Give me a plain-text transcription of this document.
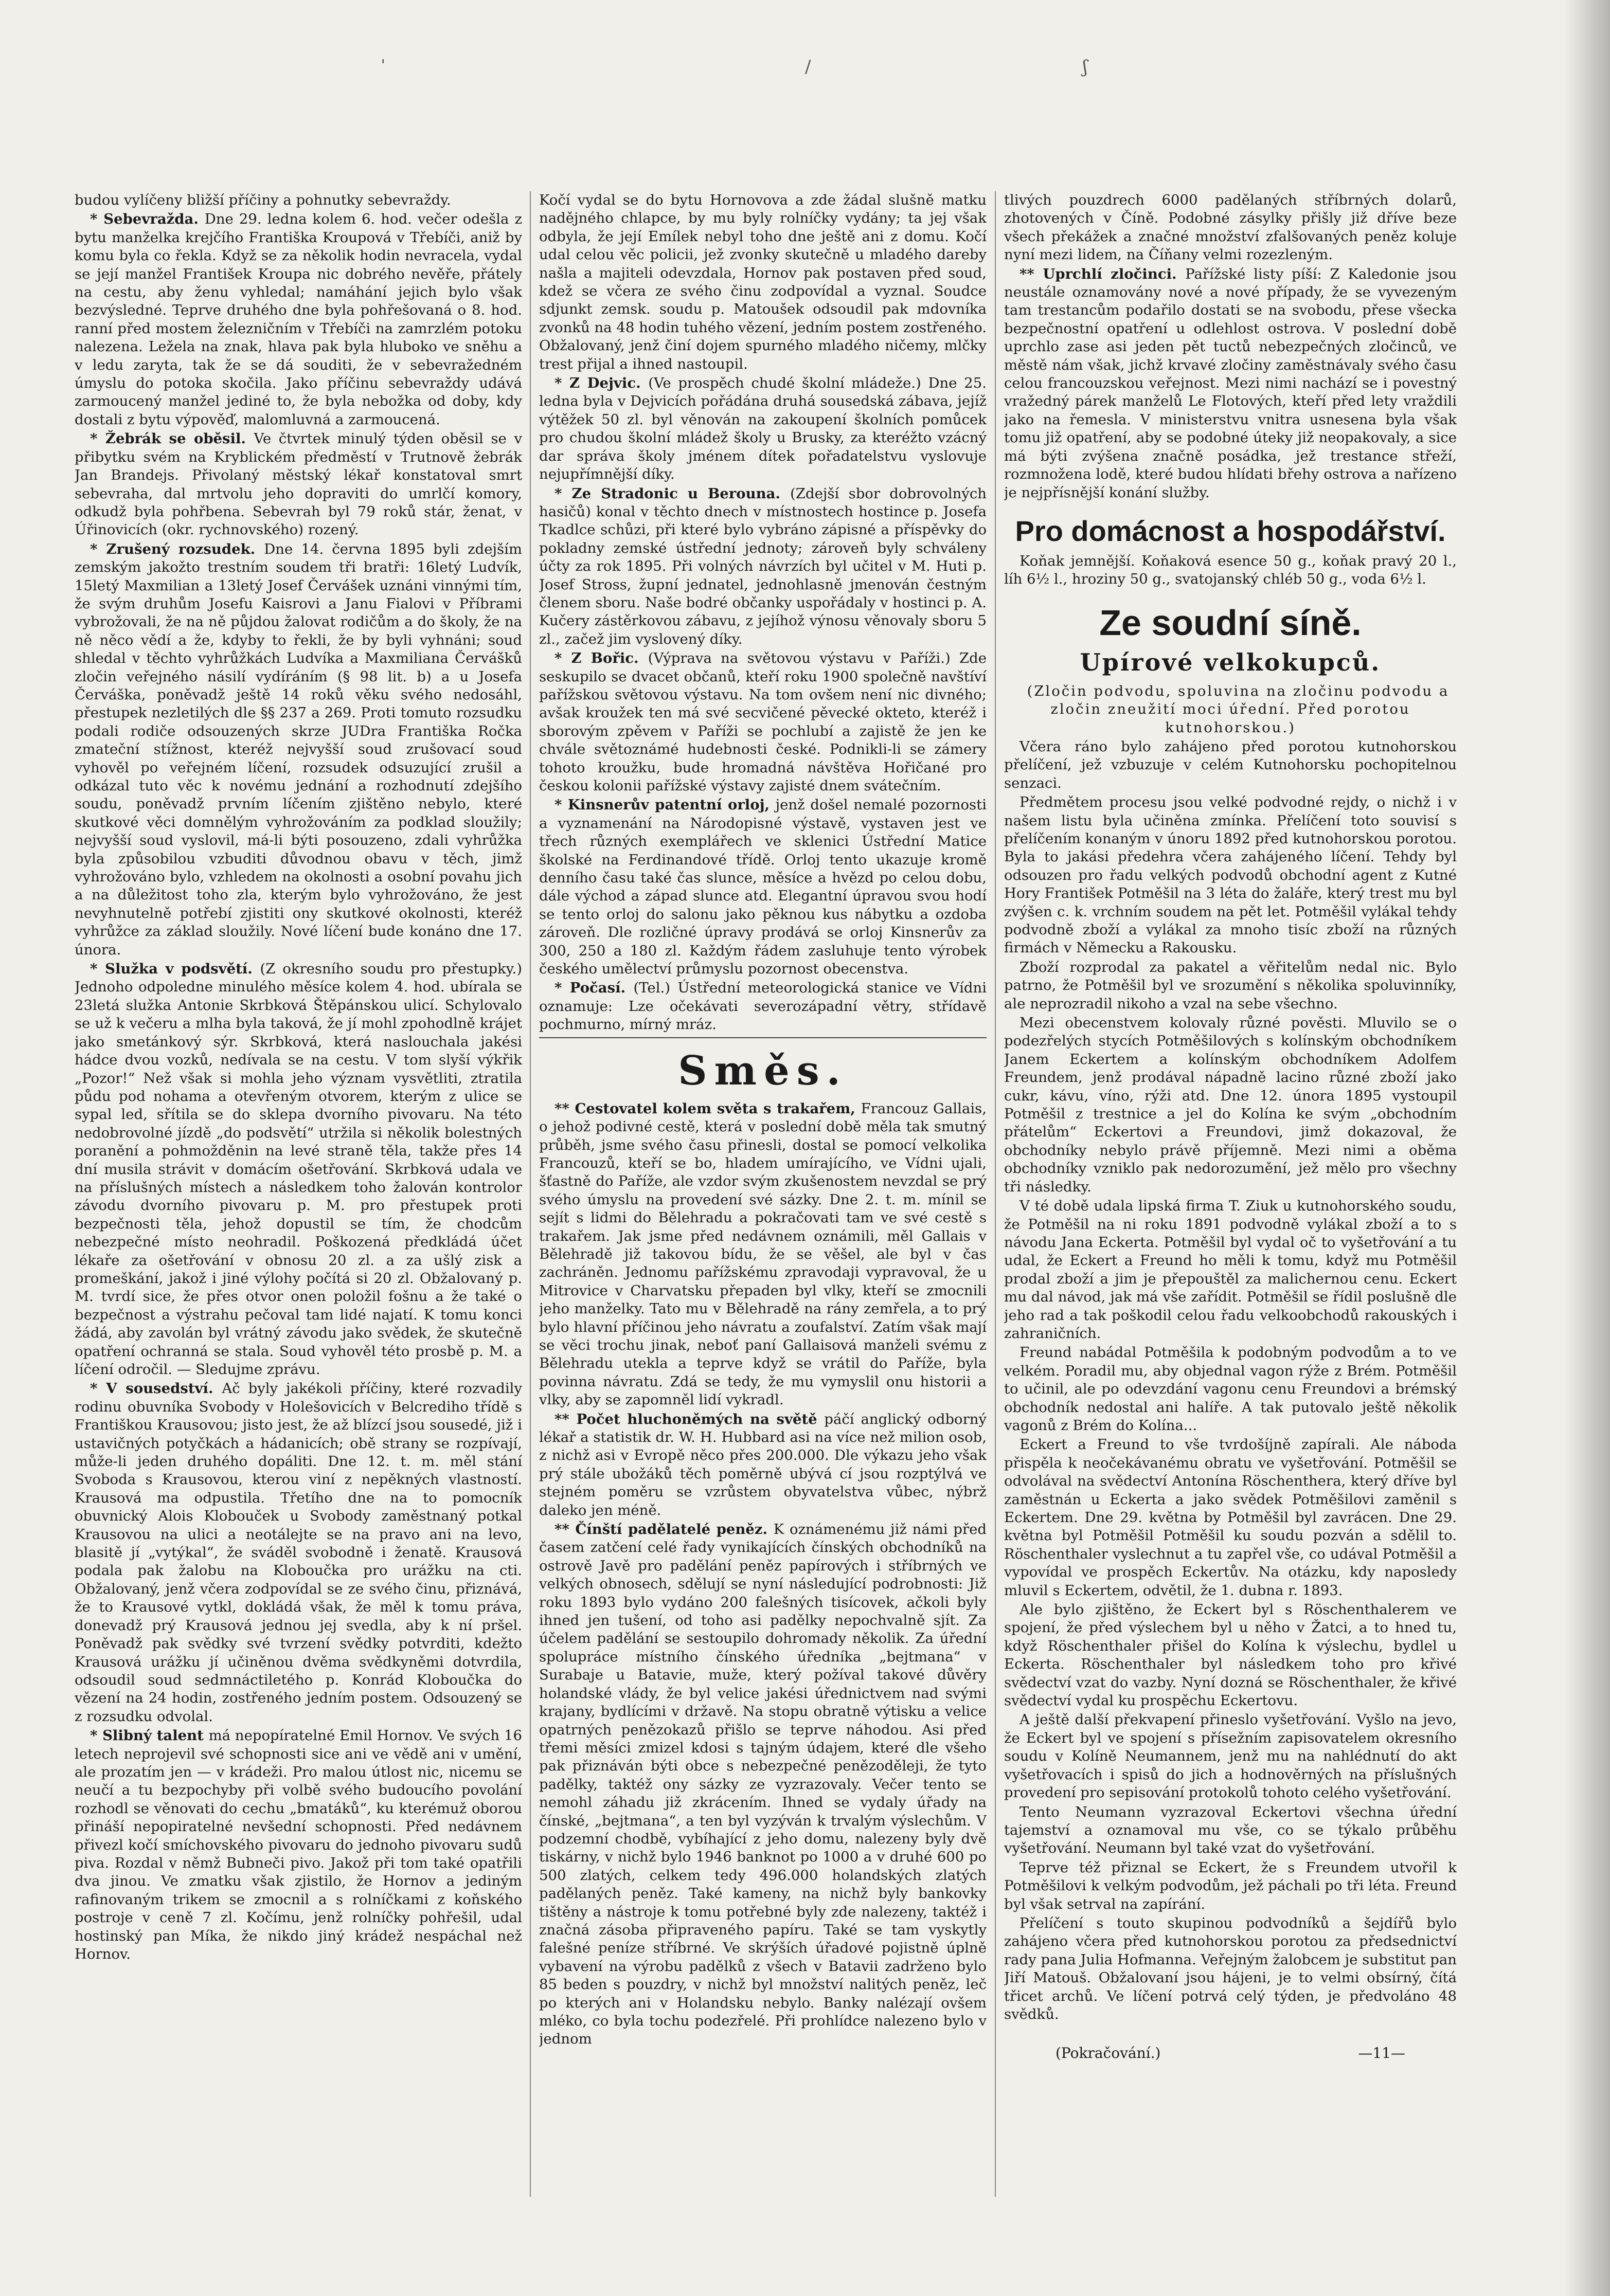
ˈ	/	ʃ

budou vylíčeny bližší příčiny a pohnutky sebevraždy.

* Sebevražda. Dne 29. ledna kolem 6. hod. večer odešla z bytu manželka krejčího Františka Kroupová v Třebíči, aniž by komu byla co řekla. Když se za několik hodin nevracela, vydal se její manžel František Kroupa nic dobrého nevěře, přátely na cestu, aby ženu vyhledal; namáhání jejich bylo však bezvýsledné. Teprve druhého dne byla pohřešovaná o 8. hod. ranní před mostem železničním v Třebíči na zamrzlém potoku nalezena. Ležela na znak, hlava pak byla hluboko ve sněhu a v ledu zaryta, tak že se dá souditi, že v sebevražedném úmyslu do potoka skočila. Jako příčinu sebevraždy udává zarmoucený manžel jediné to, že byla nebožka od doby, kdy dostali z bytu výpověď, malomluvná a zarmoucená.

* Žebrák se oběsil. Ve čtvrtek minulý týden oběsil se v přibytku svém na Kryblickém předměstí v Trutnově žebrák Jan Brandejs. Přivolaný městský lékař konstatoval smrt sebevraha, dal mrtvolu jeho dopraviti do umrlčí komory, odkudž byla pohřbena. Sebevrah byl 79 roků stár, ženat, v Úřinovicích (okr. rychnovského) rozený.

* Zrušený rozsudek. Dne 14. června 1895 byli zdejším zemským jakožto trestním soudem tři bratři: 16letý Ludvík, 15letý Maxmilian a 13letý Josef Červášek uznáni vinnými tím, že svým druhům Josefu Kaisrovi a Janu Fialovi v Příbrami vybrožovali, že na ně půjdou žalovat rodičům a do školy, že na ně něco vědí a že, kdyby to řekli, že by byli vyhnáni; soud shledal v těchto vyhrůžkách Ludvíka a Maxmiliana Červášků zločin veřejného násilí vydíráním (§ 98 lit. b) a u Josefa Červáška, poněvadž ještě 14 roků věku svého nedosáhl, přestupek nezletilých dle §§ 237 a 269. Proti tomuto rozsudku podali rodiče odsouzených skrze JUDra Františka Ročka zmateční stížnost, kteréž nejvyšší soud zrušovací soud vyhověl po veřejném líčení, rozsudek odsuzující zrušil a odkázal tuto věc k novému jednání a rozhodnutí zdejšího soudu, poněvadž prvním líčením zjištěno nebylo, které skutkové věci domnělým vyhrožováním za podklad sloužily; nejvyšší soud vyslovil, má-li býti posouzeno, zdali vyhrůžka byla způsobilou vzbuditi důvodnou obavu v těch, jimž vyhrožováno bylo, vzhledem na okolnosti a osobní povahu jich a na důležitost toho zla, kterým bylo vyhrožováno, že jest nevyhnutelně potřebí zjistiti ony skutkové okolnosti, kteréž vyhrůžce za základ sloužily. Nové líčení bude konáno dne 17. února.

* Služka v podsvětí. (Z okresního soudu pro přestupky.) Jednoho odpoledne minulého měsíce kolem 4. hod. ubírala se 23letá služka Antonie Skrbková Štěpánskou ulicí. Schylovalo se už k večeru a mlha byla taková, že jí mohl zpohodlně krájet jako smetánkový sýr. Skrbková, která naslouchala jakési hádce dvou vozků, nedívala se na cestu. V tom slyší výkřik „Pozor!“ Než však si mohla jeho význam vysvětliti, ztratila půdu pod nohama a otevřeným otvorem, kterým z ulice se sypal led, sřítila se do sklepa dvorního pivovaru. Na této nedobrovolné jízdě „do podsvětí“ utržila si několik bolestných poranění a pohmožděnin na levé straně těla, takže přes 14 dní musila strávit v domácím ošetřování. Skrbková udala ve na příslušných místech a následkem toho žalován kontrolor závodu dvorního pivovaru p. M. pro přestupek proti bezpečnosti těla, jehož dopustil se tím, že chodcům nebezpečné místo neohradil. Poškozená předkládá účet lékaře za ošetřování v obnosu 20 zl. a za ušlý zisk a promeškání, jakož i jiné výlohy počítá si 20 zl. Obžalovaný p. M. tvrdí sice, že přes otvor onen položil fošnu a že také o bezpečnost a výstrahu pečoval tam lidé najatí. K tomu konci žádá, aby zavolán byl vrátný závodu jako svědek, že skutečně opatření ochranná se stala. Soud vyhověl této prosbě p. M. a líčení odročil. — Sledujme zprávu.

* V sousedství. Ač byly jakékoli příčiny, které rozvadily rodinu obuvníka Svobody v Holešovicích v Belcrediho třídě s Františkou Krausovou; jisto jest, že až blízcí jsou sousedé, již i ustavičných potyčkách a hádanicích; obě strany se rozpívají, může-li jeden druhého dopáliti. Dne 12. t. m. měl stání Svoboda s Krausovou, kterou viní z nepěkných vlastností. Krausová ma odpustila. Třetího dne na to pomocník obuvnický Alois Klobouček u Svobody zaměstnaný potkal Krausovou na ulici a neotálejte se na pravo ani na levo, blasitě jí „vytýkal“, že sváděl svobodně i ženatě. Krausová podala pak žalobu na Kloboučka pro urážku na cti. Obžalovaný, jenž včera zodpovídal se ze svého činu, přiznává, že to Krausové vytkl, dokládá však, že měl k tomu práva, donevadž prý Krausová jednou jej svedla, aby k ní pršel. Poněvadž pak svědky své tvrzení svědky potvrditi, kdežto Krausová urážku jí učiněnou dvěma svědkyněmi dotvrdila, odsoudil soud sedmnáctiletého p. Konrád Kloboučka do vězení na 24 hodin, zostřeného jedním postem. Odsouzený se z rozsudku odvolal.

* Slibný talent má nepopíratelné Emil Hornov. Ve svých 16 letech neprojevil své schopnosti sice ani ve vědě ani v umění, ale prozatím jen — v krádeži. Pro malou útlost nic, nicemu se neučí a tu bezpochyby při volbě svého budoucího povolání rozhodl se věnovati do cechu „bmatáků“, ku kterémuž oborou přináší nepopiratelné nevšední schopnosti. Před nedávnem přivezl kočí smíchovského pivovaru do jednoho pivovaru sudů piva. Rozdal v němž Bubneči pivo. Jakož při tom také opatřili dva jinou. Ve zmatku však zjistilo, že Hornov a jediným rafinovaným trikem se zmocnil a s rolníčkami z koňského postroje v ceně 7 zl. Kočímu, jenž rolníčky pohřešil, udal hostinský pan Míka, že nikdo jiný krádež nespáchal než Hornov.

Kočí vydal se do bytu Hornovova a zde žádal slušně matku nadějného chlapce, by mu byly rolníčky vydány; ta jej však odbyla, že její Emílek nebyl toho dne ještě ani z domu. Kočí udal celou věc policii, jež zvonky skutečně u mladého dareby našla a majiteli odevzdala, Hornov pak postaven před soud, kdež se včera ze svého činu zodpovídal a vyznal. Soudce sdjunkt zemsk. soudu p. Matoušek odsoudil pak mdovníka zvonků na 48 hodin tuhého vězení, jedním postem zostřeného. Obžalovaný, jenž činí dojem spurného mladého ničemy, mlčky trest přijal a ihned nastoupil.

* Z Dejvic. (Ve prospěch chudé školní mládeže.) Dne 25. ledna byla v Dejvicích pořádána druhá sousedská zábava, jejíž výtěžek 50 zl. byl věnován na zakoupení školních pomůcek pro chudou školní mládež školy u Brusky, za kteréžto vzácný dar správa školy jménem dítek pořadatelstvu vyslovuje nejupřímnější díky.

* Ze Stradonic u Berouna. (Zdejší sbor dobrovolných hasičů) konal v těchto dnech v místnostech hostince p. Josefa Tkadlce schůzi, při které bylo vybráno zápisné a příspěvky do pokladny zemské ústřední jednoty; zároveň byly schváleny účty za rok 1895. Při volných návrzích byl učitel v M. Huti p. Josef Stross, župní jednatel, jednohlasně jmenován čestným členem sboru. Naše bodré občanky uspořádaly v hostinci p. A. Kučery zástěrkovou zábavu, z jejíhož výnosu věnovaly sboru 5 zl., začež jim vyslovený díky.

* Z Bořic. (Výprava na světovou výstavu v Paříži.) Zde seskupilo se dvacet občanů, kteří roku 1900 společně navštíví pařížskou světovou výstavu. Na tom ovšem není nic divného; avšak kroužek ten má své secvičené pěvecké okteto, kteréž i sborovým zpěvem v Paříži se pochlubí a zajistě že jen ke chvále světoznámé hudebnosti české. Podnikli-li se zámery tohoto kroužku, bude hromadná návštěva Hořičané pro českou kolonii pařížské výstavy zajisté dnem svátečním.

* Kinsnerův patentní orloj, jenž došel nemalé pozornosti a vyznamenání na Národopisné výstavě, vystaven jest ve třech různých exemplářech ve sklenici Ústřední Matice školské na Ferdinandové třídě. Orloj tento ukazuje kromě denního času také čas slunce, měsíce a hvězd po celou dobu, dále východ a západ slunce atd. Elegantní úpravou svou hodí se tento orloj do salonu jako pěknou kus nábytku a ozdoba zároveň. Dle rozličné úpravy prodává se orloj Kinsnerův za 300, 250 a 180 zl. Každým řádem zasluhuje tento výrobek českého umělectví průmyslu pozornost obecenstva.

* Počasí. (Tel.) Ústřední meteorologická stanice ve Vídni oznamuje: Lze očekávati severozápadní větry, střídavě pochmurno, mírný mráz.

Směs.

** Cestovatel kolem světa s trakařem, Francouz Gallais, o jehož podivné cestě, která v poslední době měla tak smutný průběh, jsme svého času přinesli, dostal se pomocí velkolika Francouzů, kteří se bo, hladem umírajícího, ve Vídni ujali, šťastně do Paříže, ale vzdor svým zkušenostem nevzdal se prý svého úmyslu na provedení své sázky. Dne 2. t. m. mínil se sejít s lidmi do Bělehradu a pokračovati tam ve své cestě s trakařem. Jak jsme před nedávnem oznámili, měl Gallais v Bělehradě již takovou bídu, že se věšel, ale byl v čas zachráněn. Jednomu pařížskému zpravodaji vypravoval, že u Mitrovice v Charvatsku přepaden byl vlky, kteří se zmocnili jeho manželky. Tato mu v Bělehradě na rány zemřela, a to prý bylo hlavní příčinou jeho návratu a zoufalství. Zatím však mají se věci trochu jinak, neboť paní Gallaisová manželi svému z Bělehradu utekla a teprve když se vrátil do Paříže, byla povinna návratu. Zdá se tedy, že mu vymyslil onu historii a vlky, aby se zapomněl lidí vykradl.

** Počet hluchoněmých na světě páčí anglický odborný lékař a statistik dr. W. H. Hubbard asi na více než milion osob, z nichž asi v Evropě něco přes 200.000. Dle výkazu jeho však prý stále ubožáků těch poměrně ubývá cí jsou rozptýlvá ve stejném poměru se vzrůstem obyvatelstva vůbec, nýbrž daleko jen méně.

** Čínští padělatelé peněz. K oznámenému již námi před časem zatčení celé řady vynikajících čínských obchodníků na ostrově Javě pro padělání peněz papírových i stříbrných ve velkých obnosech, sdělují se nyní následující podrobnosti: Již roku 1893 bylo vydáno 200 falešných tisícovek, ačkoli byly ihned jen tušení, od toho asi padělky nepochvalně sjít. Za účelem padělání se sestoupilo dohromady několik. Za úřední spolupráce místního čínského úředníka „bejtmana“ v Surabaje u Batavie, muže, který požíval takové důvěry holandské vlády, že byl velice jakési úřednictvem nad svými krajany, bydlícími v državě. Na stopu obratně výtisku a velice opatrných penězokazů přišlo se teprve náhodou. Asi před třemi měsíci zmizel kdosi s tajným údajem, které dle všeho pak přiznáván býti obce s nebezpečné penězoděleji, že tyto padělky, taktéž ony sázky ze vyzrazovaly. Večer tento se nemohl záhadu již zkrácením. Ihned se vydaly úřady na čínské, „bejtmana“, a ten byl vyzýván k trvalým výslechům. V podzemní chodbě, vybíhající z jeho domu, nalezeny byly dvě tiskárny, v nichž bylo 1946 banknot po 1000 a v druhé 600 po 500 zlatých, celkem tedy 496.000 holandských zlatých padělaných peněz. Také kameny, na nichž byly bankovky tištěny a nástroje k tomu potřebné byly zde nalezeny, taktéž i značná zásoba připraveného papíru. Také se tam vyskytly falešné peníze stříbrné. Ve skrýších úřadové pojistně úplně vybavení na výrobu padělků z všech v Batavii zadrženo bylo 85 beden s pouzdry, v nichž byl množství nalitých peněz, leč po kterých ani v Holandsku nebylo. Banky nalézají ovšem mléko, co byla tochu podezřelé. Při prohlídce nalezeno bylo v jednom

tlivých pouzdrech 6000 padělaných stříbrných dolarů, zhotovených v Číně. Podobné zásylky přišly již dříve beze všech překážek a značné množství zfalšovaných peněz koluje nyní mezi lidem, na Číňany velmi rozezleným.

** Uprchlí zločinci. Pařížské listy píší: Z Kaledonie jsou neustále oznamovány nové a nové případy, že se vyvezeným tam trestancům podařilo dostati se na svobodu, přese všecka bezpečnostní opatření u odlehlost ostrova. V poslední době uprchlo zase asi jeden pět tuctů nebezpečných zločinců, ve městě nám však, jichž krvavé zločiny zaměstnávaly svého času celou francouzskou veřejnost. Mezi nimi nachází se i povestný vražedný párek manželů Le Flotových, kteří před lety vraždili jako na řemesla. V ministerstvu vnitra usnesena byla však tomu již opatření, aby se podobné úteky již neopakovaly, a sice má býti zvýšena značně posádka, jež trestance střeží, rozmnožena lodě, které budou hlídati břehy ostrova a nařízeno je nejpřísnější konání služby.

Pro domácnost a hospodářství.

Koňak jemnější. Koňaková esence 50 g., koňak pravý 20 l., líh 6½ l., hroziny 50 g., svatojanský chléb 50 g., voda 6½ l.

Ze soudní síně.
Upírové velkokupců.

(Zločin podvodu, spoluvina na zločinu podvodu a zločin zneužití moci úřední. Před porotou kutnohorskou.)

Včera ráno bylo zahájeno před porotou kutnohorskou přelíčení, jež vzbuzuje v celém Kutnohorsku pochopitelnou senzaci.

Předmětem procesu jsou velké podvodné rejdy, o nichž i v našem listu byla učiněna zmínka. Přelíčení toto souvisí s přelíčením konaným v únoru 1892 před kutnohorskou porotou. Byla to jakási předehra včera zahájeného líčení. Tehdy byl odsouzen pro řadu velkých podvodů obchodní agent z Kutné Hory František Potměšil na 3 léta do žaláře, který trest mu byl zvýšen c. k. vrchním soudem na pět let. Potměšil vylákal tehdy podvodně zboží a vylákal za mnoho tisíc zboží na různých firmách v Německu a Rakousku.

Zboží rozprodal za pakatel a věřitelům nedal nic. Bylo patrno, že Potměšil byl ve srozumění s několika spoluvinníky, ale neprozradil nikoho a vzal na sebe všechno.

Mezi obecenstvem kolovaly různé pověsti. Mluvilo se o podezřelých stycích Potměšilových s kolínským obchodníkem Janem Eckertem a kolínským obchodníkem Adolfem Freundem, jenž prodával nápadně lacino různé zboží jako cukr, kávu, víno, rýži atd. Dne 12. února 1895 vystoupil Potměšil z trestnice a jel do Kolína ke svým „obchodním přátelům“ Eckertovi a Freundovi, jimž dokazoval, že obchodníky nebylo právě příjemně. Mezi nimi a oběma obchodníky vzniklo pak nedorozumění, jež mělo pro všechny tři následky.

V té době udala lipská firma T. Ziuk u kutnohorského soudu, že Potměšil na ni roku 1891 podvodně vylákal zboží a to s návodu Jana Eckerta. Potměšil byl vydal oč to vyšetřování a tu udal, že Eckert a Freund ho měli k tomu, když mu Potměšil prodal zboží a jim je přepouštěl za malichernou cenu. Eckert mu dal návod, jak má vše zařídit. Potměšil se řídil poslušně dle jeho rad a tak poškodil celou řadu velkoobchodů rakouských i zahraničních.

Freund nabádal Potměšila k podobným podvodům a to ve velkém. Poradil mu, aby objednal vagon rýže z Brém. Potměšil to učinil, ale po odevzdání vagonu cenu Freundovi a brémský obchodník nedostal ani halíře. A tak putovalo ještě několik vagonů z Brém do Kolína...

Eckert a Freund to vše tvrdošíjně zapírali. Ale náboda přispěla k neočekávanému obratu ve vyšetřování. Potměšil se odvolával na svědectví Antonína Röschenthera, který dříve byl zaměstnán u Eckerta a jako svědek Potměšilovi zaměnil s Eckertem. Dne 29. května by Potměšil byl zavrácen. Dne 29. května byl Potměšil Potměšil ku soudu pozván a sdělil to. Röschenthaler vyslechnut a tu zapřel vše, co udával Potměšil a vypovídal ve prospěch Eckertův. Na otázku, kdy naposledy mluvil s Eckertem, odvětil, že 1. dubna r. 1893.

Ale bylo zjištěno, že Eckert byl s Röschenthalerem ve spojení, že před výslechem byl u něho v Žatci, a to hned tu, když Röschenthaler přišel do Kolína k výslechu, bydlel u Eckerta. Röschenthaler byl následkem toho pro křivé svědectví vzat do vazby. Nyní dozná se Röschenthaler, že křivé svědectví vydal ku prospěchu Eckertovu.

A ještě další překvapení přineslo vyšetřování. Vyšlo na jevo, že Eckert byl ve spojení s přísežním zapisovatelem okresního soudu v Kolíně Neumannem, jenž mu na nahlédnutí do akt vyšetřovacích i spisů do jich a hodnověrných na příslušných provedení pro sepisování protokolů tohoto celého vyšetřování.

Tento Neumann vyzrazoval Eckertovi všechna úřední tajemství a oznamoval mu vše, co se týkalo průběhu vyšetřování. Neumann byl také vzat do vyšetřování.

Teprve též přiznal se Eckert, že s Freundem utvořil k Potměšilovi k velkým podvodům, jež páchali po tři léta. Freund byl však setrval na zapírání.

Přelíčení s touto skupinou podvodníků a šejdířů bylo zahájeno včera před kutnohorskou porotou za předsednictví rady pana Julia Hofmanna. Veřejným žalobcem je substitut pan Jiří Matouš. Obžalovaní jsou hájeni, je to velmi obsírný, čítá třicet archů. Ve líčení potrvá celý týden, je předvoláno 48 svědků.

(Pokračování.)	—11—
